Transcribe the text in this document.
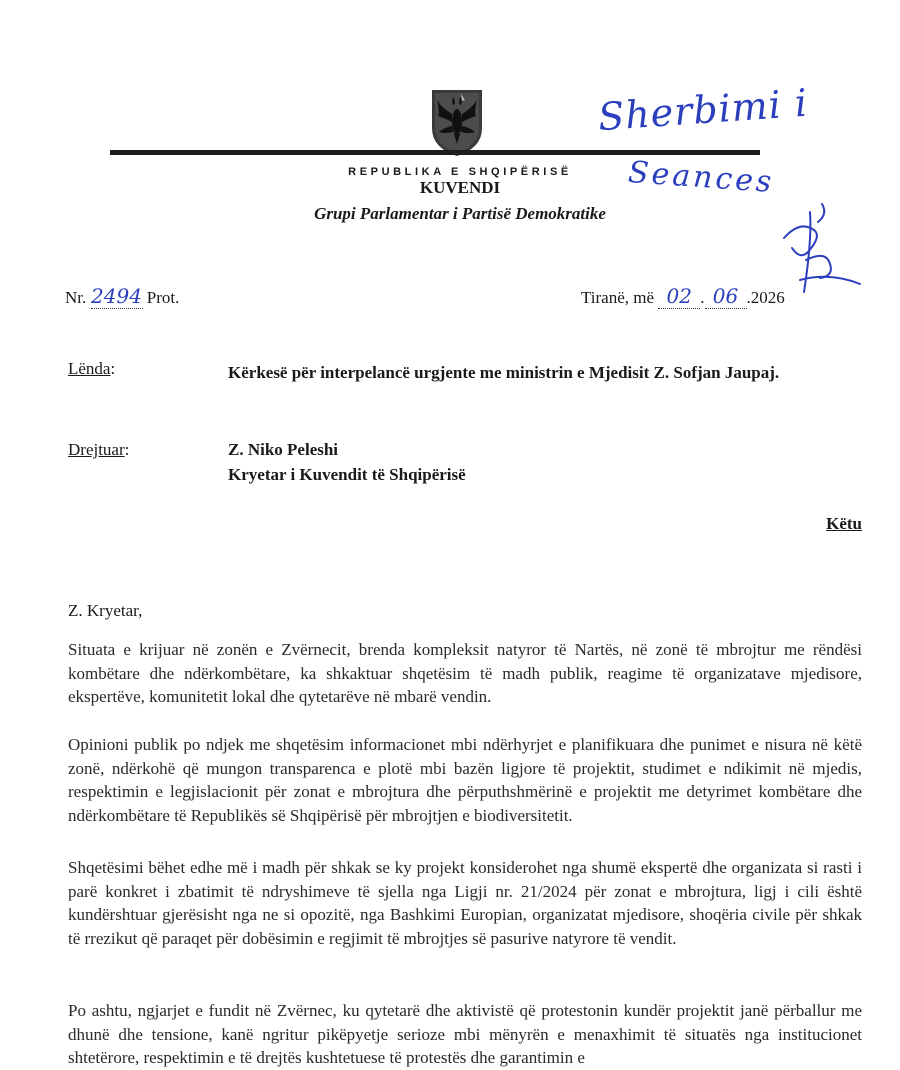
REPUBLIKA E SHQIPËRISË
KUVENDI
Grupi Parlamentar i Partisë Demokratike
Sherbimi i
Seances
Nr. 2494 Prot.	Tiranë, më 02 . 06 .2026
Lënda:	Kërkesë për interpelancë urgjente me ministrin e Mjedisit Z. Sofjan Jaupaj.
Drejtuar:	Z. Niko Peleshi
Kryetar i Kuvendit të Shqipërisë
Këtu
Z. Kryetar,
Situata e krijuar në zonën e Zvërnecit, brenda kompleksit natyror të Nartës, në zonë të mbrojtur me rëndësi kombëtare dhe ndërkombëtare, ka shkaktuar shqetësim të madh publik, reagime të organizatave mjedisore, ekspertëve, komunitetit lokal dhe qytetarëve në mbarë vendin.
Opinioni publik po ndjek me shqetësim informacionet mbi ndërhyrjet e planifikuara dhe punimet e nisura në këtë zonë, ndërkohë që mungon transparenca e plotë mbi bazën ligjore të projektit, studimet e ndikimit në mjedis, respektimin e legjislacionit për zonat e mbrojtura dhe përputhshmërinë e projektit me detyrimet kombëtare dhe ndërkombëtare të Republikës së Shqipërisë për mbrojtjen e biodiversitetit.
Shqetësimi bëhet edhe më i madh për shkak se ky projekt konsiderohet nga shumë ekspertë dhe organizata si rasti i parë konkret i zbatimit të ndryshimeve të sjella nga Ligji nr. 21/2024 për zonat e mbrojtura, ligj i cili është kundërshtuar gjerësisht nga ne si opozitë, nga Bashkimi Europian, organizatat mjedisore, shoqëria civile për shkak të rrezikut që paraqet për dobësimin e regjimit të mbrojtjes së pasurive natyrore të vendit.
Po ashtu, ngjarjet e fundit në Zvërnec, ku qytetarë dhe aktivistë që protestonin kundër projektit janë përballur me dhunë dhe tensione, kanë ngritur pikëpyetje serioze mbi mënyrën e menaxhimit të situatës nga institucionet shtetërore, respektimin e të drejtës kushtetuese të protestës dhe garantimin e
